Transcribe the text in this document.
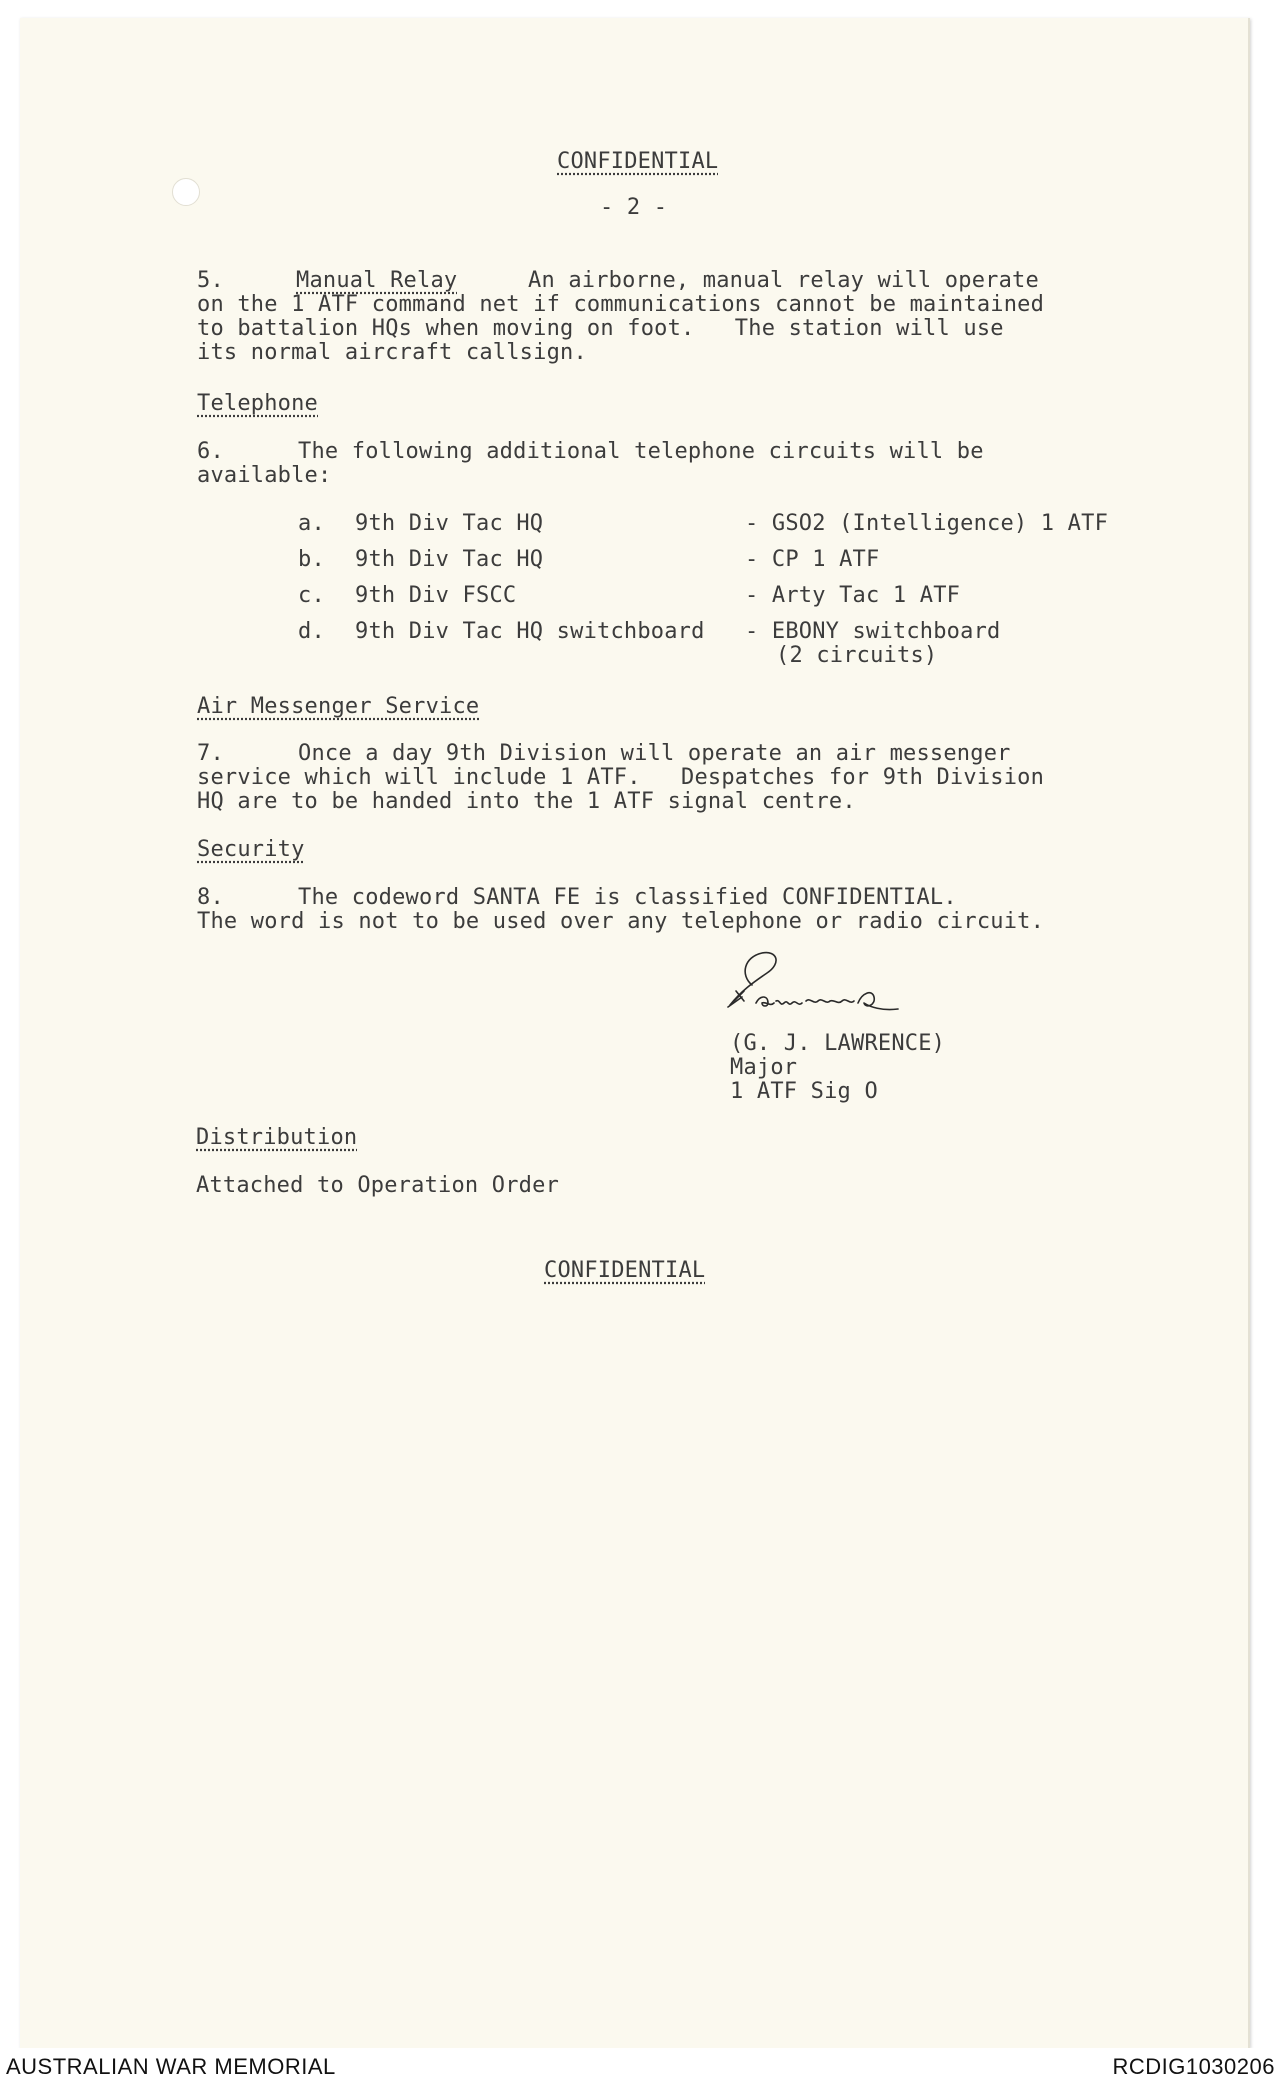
CONFIDENTIAL
- 2 -
5.	Manual Relay	An airborne, manual relay will operate
on the 1 ATF command net if communications cannot be maintained
to battalion HQs when moving on foot.   The station will use
its normal aircraft callsign.
Telephone
6.	The following additional telephone circuits will be
available:
a. 9th Div Tac HQ	- GSO2 (Intelligence) 1 ATF
b. 9th Div Tac HQ	- CP 1 ATF
c. 9th Div FSCC	- Arty Tac 1 ATF
d. 9th Div Tac HQ switchboard - EBONY switchboard
(2 circuits)
Air Messenger Service
7.	Once a day 9th Division will operate an air messenger
service which will include 1 ATF.   Despatches for 9th Division
HQ are to be handed into the 1 ATF signal centre.
Security
8.	The codeword SANTA FE is classified CONFIDENTIAL.
The word is not to be used over any telephone or radio circuit.
(G. J. LAWRENCE)
Major
1 ATF Sig O
Distribution
Attached to Operation Order
CONFIDENTIAL
AUSTRALIAN WAR MEMORIAL	RCDIG1030206
